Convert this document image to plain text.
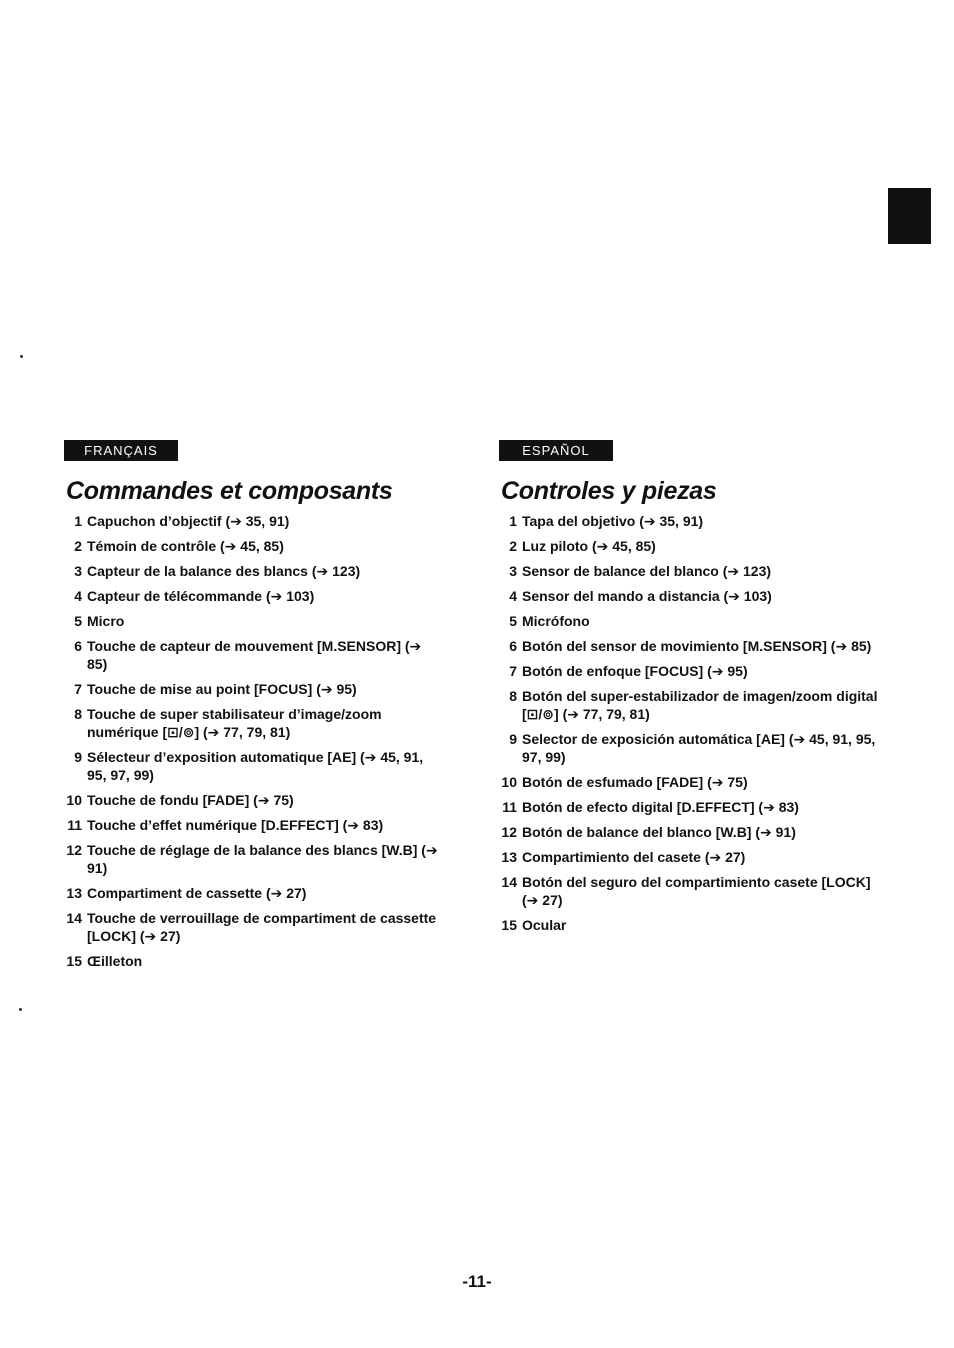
FRANÇAIS
Commandes et composants
1 Capuchon d’objectif (➔ 35, 91)
2 Témoin de contrôle (➔ 45, 85)
3 Capteur de la balance des blancs (➔ 123)
4 Capteur de télécommande (➔ 103)
5 Micro
6 Touche de capteur de mouvement [M.SENSOR] (➔ 85)
7 Touche de mise au point [FOCUS] (➔ 95)
8 Touche de super stabilisateur d’image/zoom numérique [⊡/⊚] (➔ 77, 79, 81)
9 Sélecteur d’exposition automatique [AE] (➔ 45, 91, 95, 97, 99)
10 Touche de fondu [FADE] (➔ 75)
11 Touche d’effet numérique [D.EFFECT] (➔ 83)
12 Touche de réglage de la balance des blancs [W.B] (➔ 91)
13 Compartiment de cassette (➔ 27)
14 Touche de verrouillage de compartiment de cassette [LOCK] (➔ 27)
15 Œilleton
ESPAÑOL
Controles y piezas
1 Tapa del objetivo (➔ 35, 91)
2 Luz piloto (➔ 45, 85)
3 Sensor de balance del blanco (➔ 123)
4 Sensor del mando a distancia (➔ 103)
5 Micrófono
6 Botón del sensor de movimiento [M.SENSOR] (➔ 85)
7 Botón de enfoque [FOCUS] (➔ 95)
8 Botón del super-estabilizador de imagen/zoom digital [⊡/⊚] (➔ 77, 79, 81)
9 Selector de exposición automática [AE] (➔ 45, 91, 95, 97, 99)
10 Botón de esfumado [FADE] (➔ 75)
11 Botón de efecto digital [D.EFFECT] (➔ 83)
12 Botón de balance del blanco [W.B] (➔ 91)
13 Compartimiento del casete (➔ 27)
14 Botón del seguro del compartimiento casete [LOCK] (➔ 27)
15 Ocular
-11-
